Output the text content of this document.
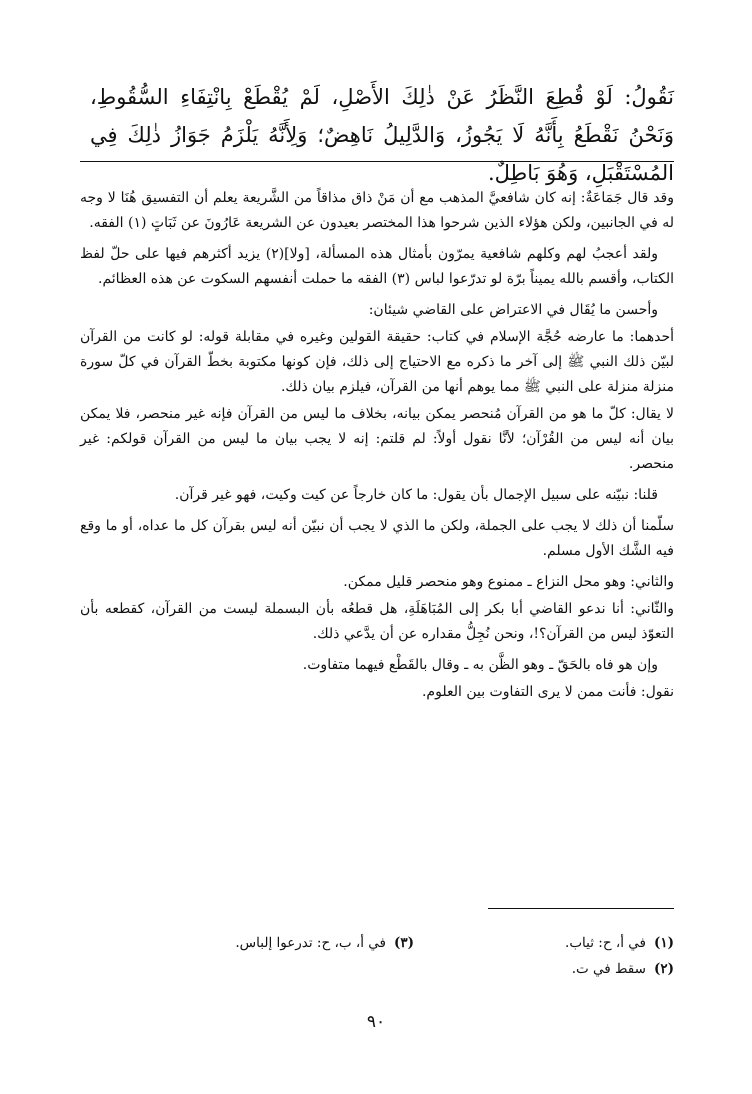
نَقُولُ: لَوْ قُطِعَ النَّظَرُ عَنْ ذٰلِكَ الأَصْلِ، لَمْ يُقْطَعْ بِانْتِفَاءِ السُّقُوطِ، وَنَحْنُ نَقْطَعُ بِأَنَّهُ لَا يَجُوزُ، وَالدَّلِيلُ نَاهِضٌ؛ وَلِأَنَّهُ يَلْزَمُ جَوَازُ ذٰلِكَ فِي المُسْتَقْبَلِ، وَهُوَ بَاطِلٌ.

وقد قال جَمَاعَةٌ: إنه كان شافعيَّ المذهب مع أن مَنْ ذاق مذاقاً من الشَّريعة يعلم أن التفسيق هُنَا لا وجه له في الجانبين، ولكن هؤلاء الذين شرحوا هذا المختصر بعيدون عن الشريعة عَارُونَ عن ثَبَاتٍ (١) الفقه.

ولقد أعجبُ لهم وكلهم شافعية يمرّون بأمثال هذه المسألة، [ولا](٢) يزيد أكثرهم فيها على حلّ لفظ الكتاب، وأقسم بالله يميناً برّة لو تدرّعوا لباس (٣) الفقه ما حملت أنفسهم السكوت عن هذه العظائم.

وأحسن ما يُقَال في الاعتراض على القاضي شيئان:

أحدهما: ما عارضه حُجَّة الإسلام في كتاب: حقيقة القولين وغيره في مقابلة قوله: لو كانت من القرآن لبيّن ذلك النبي ﷺ إلى آخر ما ذكره مع الاحتياج إلى ذلك، فإن كونها مكتوبة بخطّ القرآن في كلّ سورة منزلة منزلة على النبي ﷺ مما يوهم أنها من القرآن، فيلزم بيان ذلك.

لا يقال: كلّ ما هو من القرآن مُنحصر يمكن بيانه، بخلاف ما ليس من القرآن فإنه غير منحصر، فلا يمكن بيان أنه ليس من القُرْآن؛ لأنَّا نقول أولاً: لم قلتم: إنه لا يجب بيان ما ليس من القرآن قولكم: غير منحصر.

قلنا: نبيّنه على سبيل الإجمال بأن يقول: ما كان خارجاً عن كيت وكيت، فهو غير قرآن.

سلّمنا أن ذلك لا يجب على الجملة، ولكن ما الذي لا يجب أن نبيّن أنه ليس بقرآن كل ما عداه، أو ما وقع فيه الشَّك الأول مسلم.

والثاني: وهو محل النزاع ـ ممنوع وهو منحصر قليل ممكن.

والثّاني: أنا ندعو القاضي أبا بكر إلى المُبَاهَلَةِ، هل قطعُه بأن البسملة ليست من القرآن، كقطعه بأن التعوّذ ليس من القرآن؟!، ونحن نُجِلُّ مقداره عن أن يدَّعي ذلك.

وإن هو فاه بالحَقّ ـ وهو الظَّن به ـ وقال بالقَطْع فيهما متفاوت.

نقول: فأنت ممن لا يرى التفاوت بين العلوم.

(١)في أ، ح: ثياب.
(٢)سقط في ت.
(٣)في أ، ب، ح: تدرعوا إلباس.
٩٠
